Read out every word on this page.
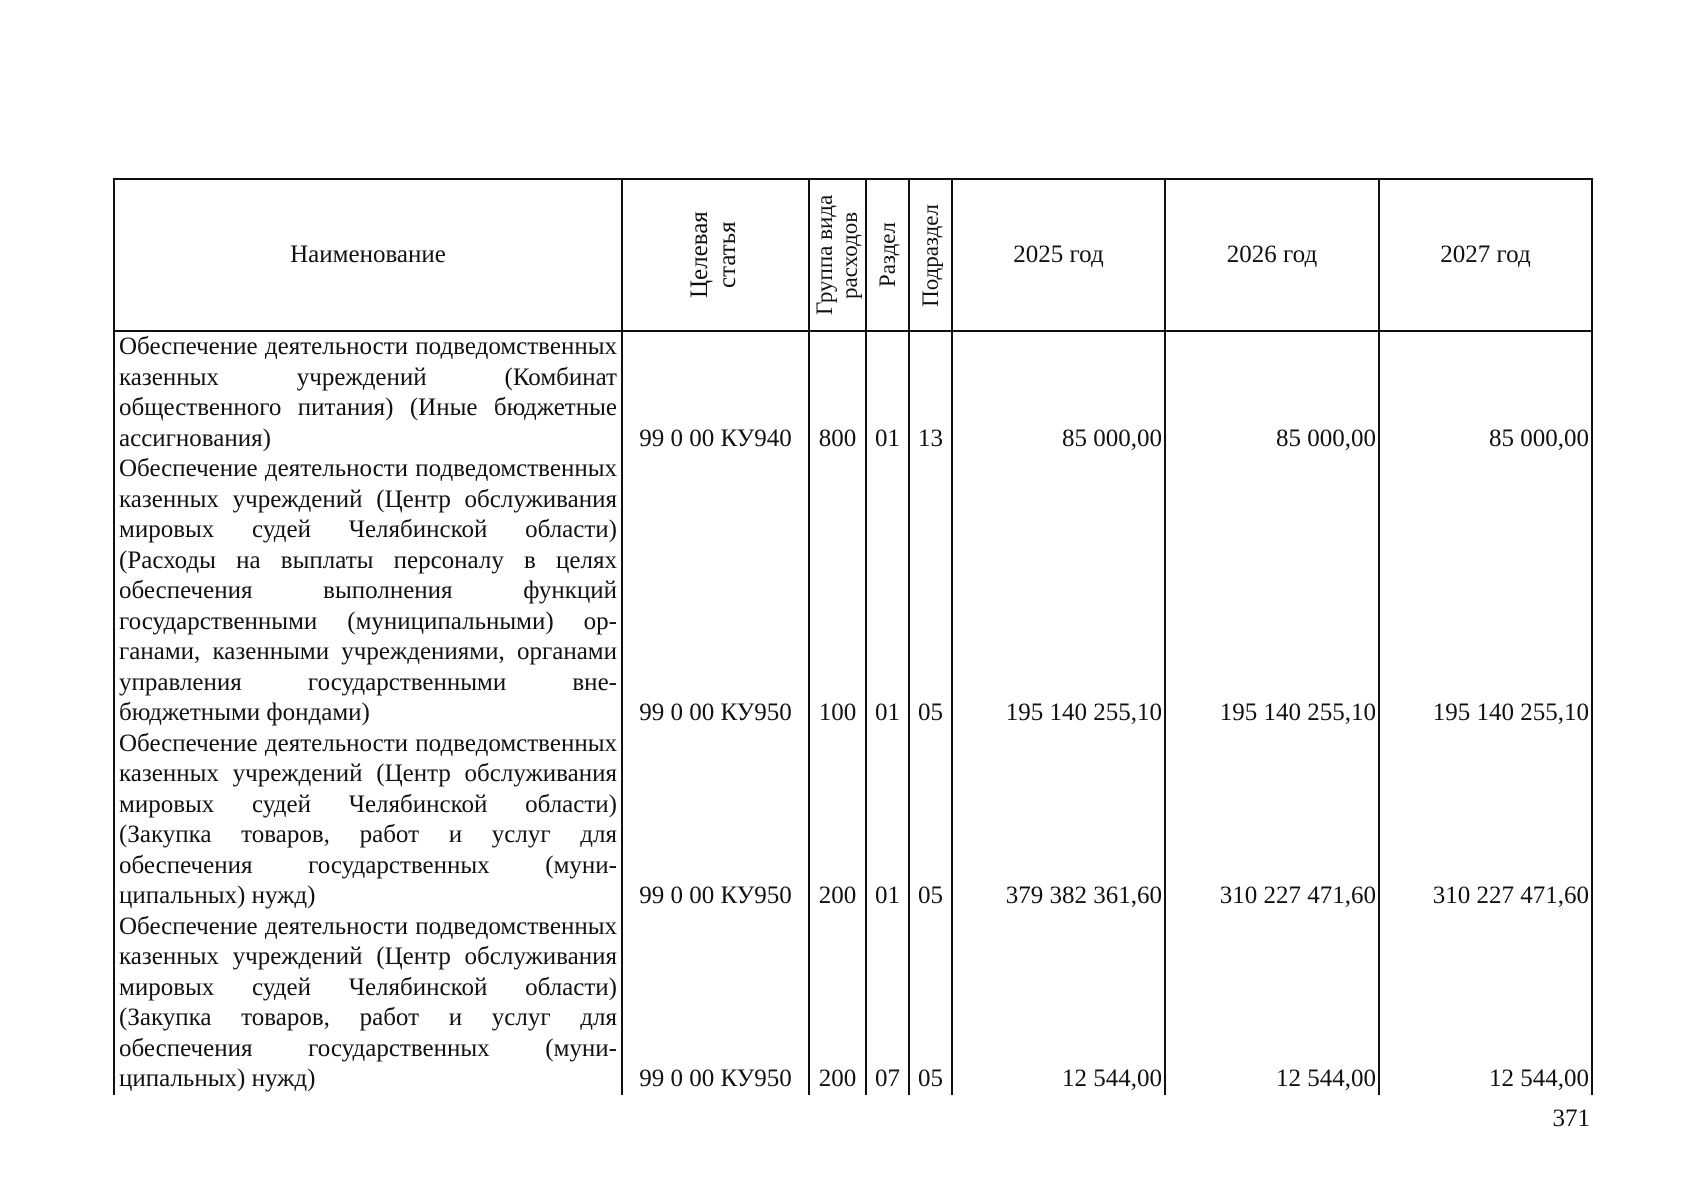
Наименование	Целевая статья	Группа вида расходов	Раздел	Подраздел	2025 год	2026 год	2027 год
Обеспечение деятельности подведомственных казенных учреждений (Комбинат общественного питания) (Иные бюджетные ассигнования)	99 0 00 КУ940	800	01	13	85 000,00	85 000,00	85 000,00
Обеспечение деятельности подведомственных казенных учреждений (Центр обслуживания мировых судей Челябинской области) (Расходы на выплаты персоналу в целях обеспечения выполнения функций государственными (муниципальными) органами, казенными учреждениями, органами управления государственными внебюджетными фондами)	99 0 00 КУ950	100	01	05	195 140 255,10	195 140 255,10	195 140 255,10
Обеспечение деятельности подведомственных казенных учреждений (Центр обслуживания мировых судей Челябинской области) (Закупка товаров, работ и услуг для обеспечения государственных (муниципальных) нужд)	99 0 00 КУ950	200	01	05	379 382 361,60	310 227 471,60	310 227 471,60
Обеспечение деятельности подведомственных казенных учреждений (Центр обслуживания мировых судей Челябинской области) (Закупка товаров, работ и услуг для обеспечения государственных (муниципальных) нужд)	99 0 00 КУ950	200	07	05	12 544,00	12 544,00	12 544,00
371
